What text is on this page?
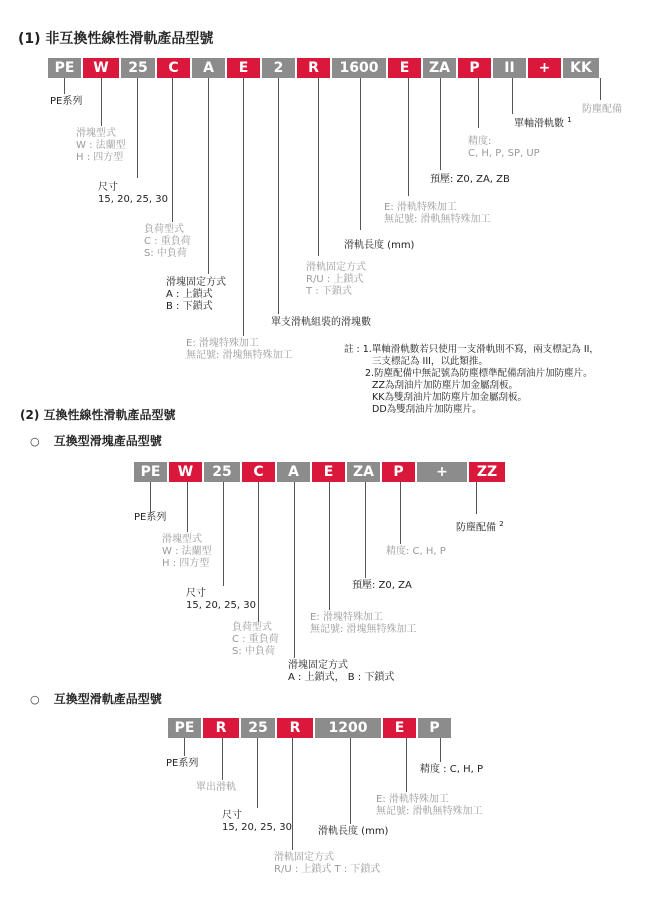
(1) 非互換性線性滑軌產品型號
PE	W	25	C	A	E	2	R	1600	E	ZA	P	II	+	KK
PE系列
滑塊型式
W : 法蘭型
H : 四方型
尺寸
15, 20, 25, 30
負荷型式
C : 重負荷
S: 中負荷
滑塊固定方式
A : 上鎖式
B : 下鎖式
E: 滑塊特殊加工
無記號: 滑塊無特殊加工
單支滑軌組裝的滑塊數
滑軌固定方式
R/U : 上鎖式
T : 下鎖式
滑軌長度 (mm)
E: 滑軌特殊加工
無記號: 滑軌無特殊加工
預壓: Z0, ZA, ZB
精度:
C, H, P, SP, UP
單軸滑軌數 $^1$
防塵配備
註 : 1.單軸滑軌數若只使用一支滑軌則不寫，兩支標記為 II，
三支標記為 III，以此類推。
2.防塵配備中無記號為防塵標準配備刮油片加防塵片。
ZZ為刮油片加防塵片加金屬刮板。
KK為雙刮油片加防塵片加金屬刮板。
DD為雙刮油片加防塵片。
(2) 互換性線性滑軌產品型號
○ 互換型滑塊產品型號
PE	W	25	C	A	E	ZA	P	+	ZZ
PE系列
滑塊型式
W : 法蘭型
H : 四方型
尺寸
15, 20, 25, 30
負荷型式
C : 重負荷
S: 中負荷
滑塊固定方式
A : 上鎖式， B : 下鎖式
E: 滑塊特殊加工
無記號: 滑塊無特殊加工
預壓: Z0, ZA
精度: C, H, P
防塵配備 $^2$
○ 互換型滑軌產品型號
PE	R	25	R	1200	E	P
PE系列
單出滑軌
尺寸
15, 20, 25, 30
滑軌固定方式
R/U : 上鎖式 T : 下鎖式
滑軌長度 (mm)
E: 滑軌特殊加工
無記號: 滑軌無特殊加工
精度 : C, H, P
